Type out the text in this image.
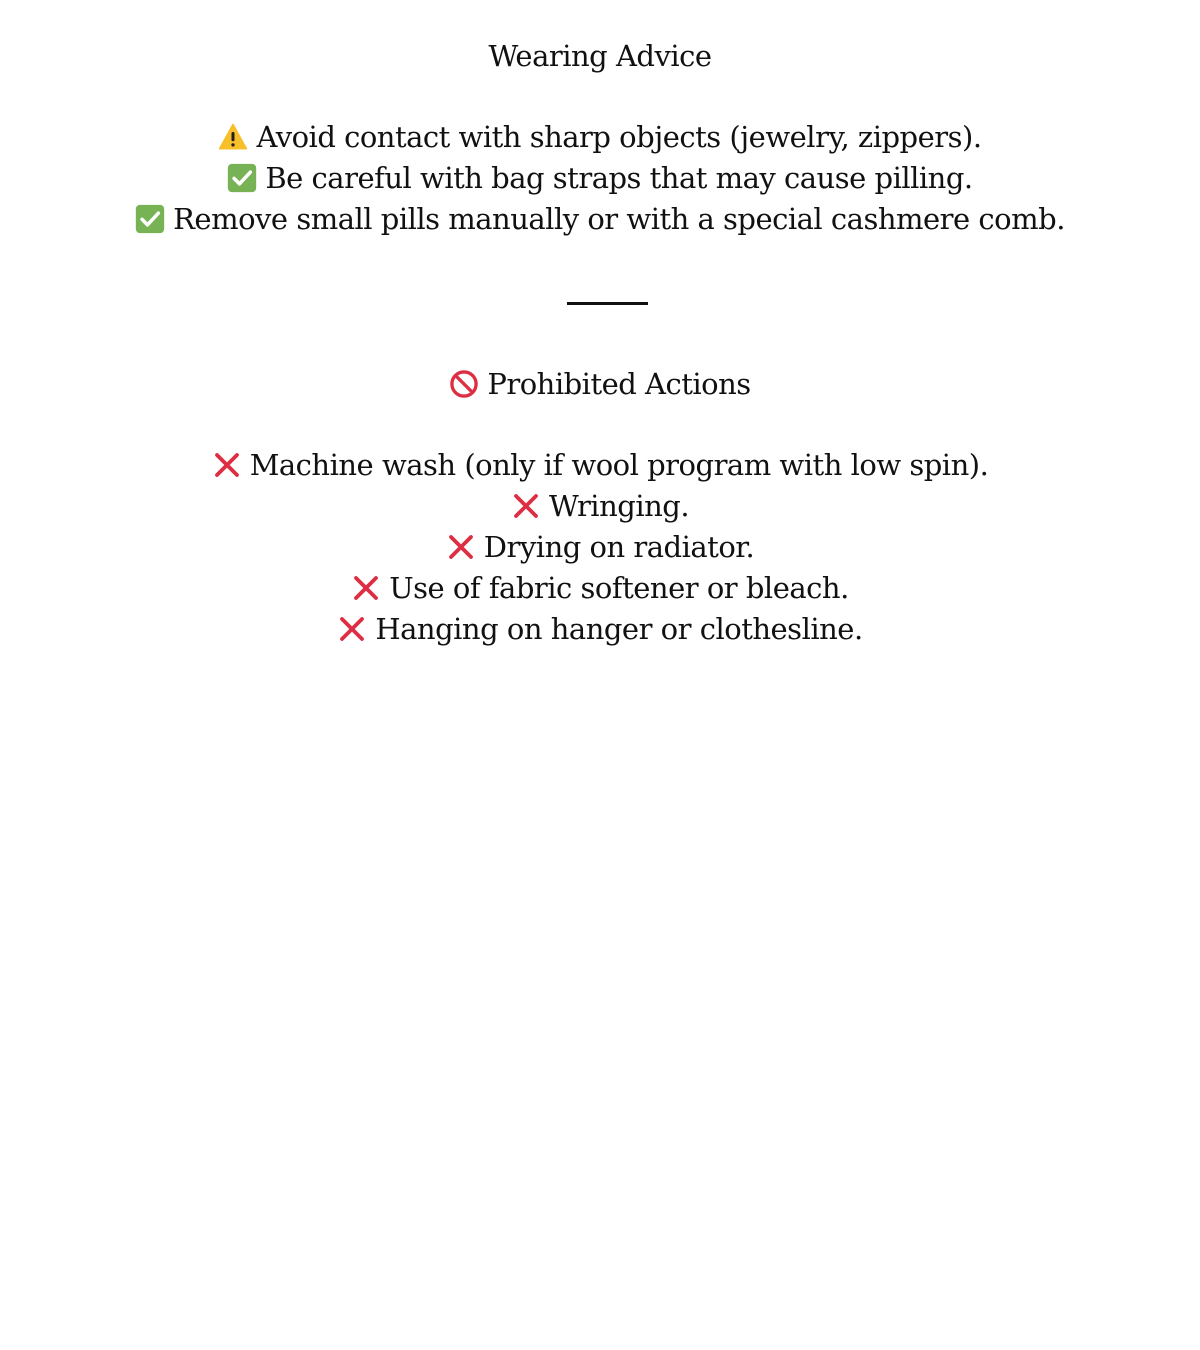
Wearing Advice
Avoid contact with sharp objects (jewelry, zippers).
Be careful with bag straps that may cause pilling.
Remove small pills manually or with a special cashmere comb.
Prohibited Actions
Machine wash (only if wool program with low spin).
Wringing.
Drying on radiator.
Use of fabric softener or bleach.
Hanging on hanger or clothesline.
